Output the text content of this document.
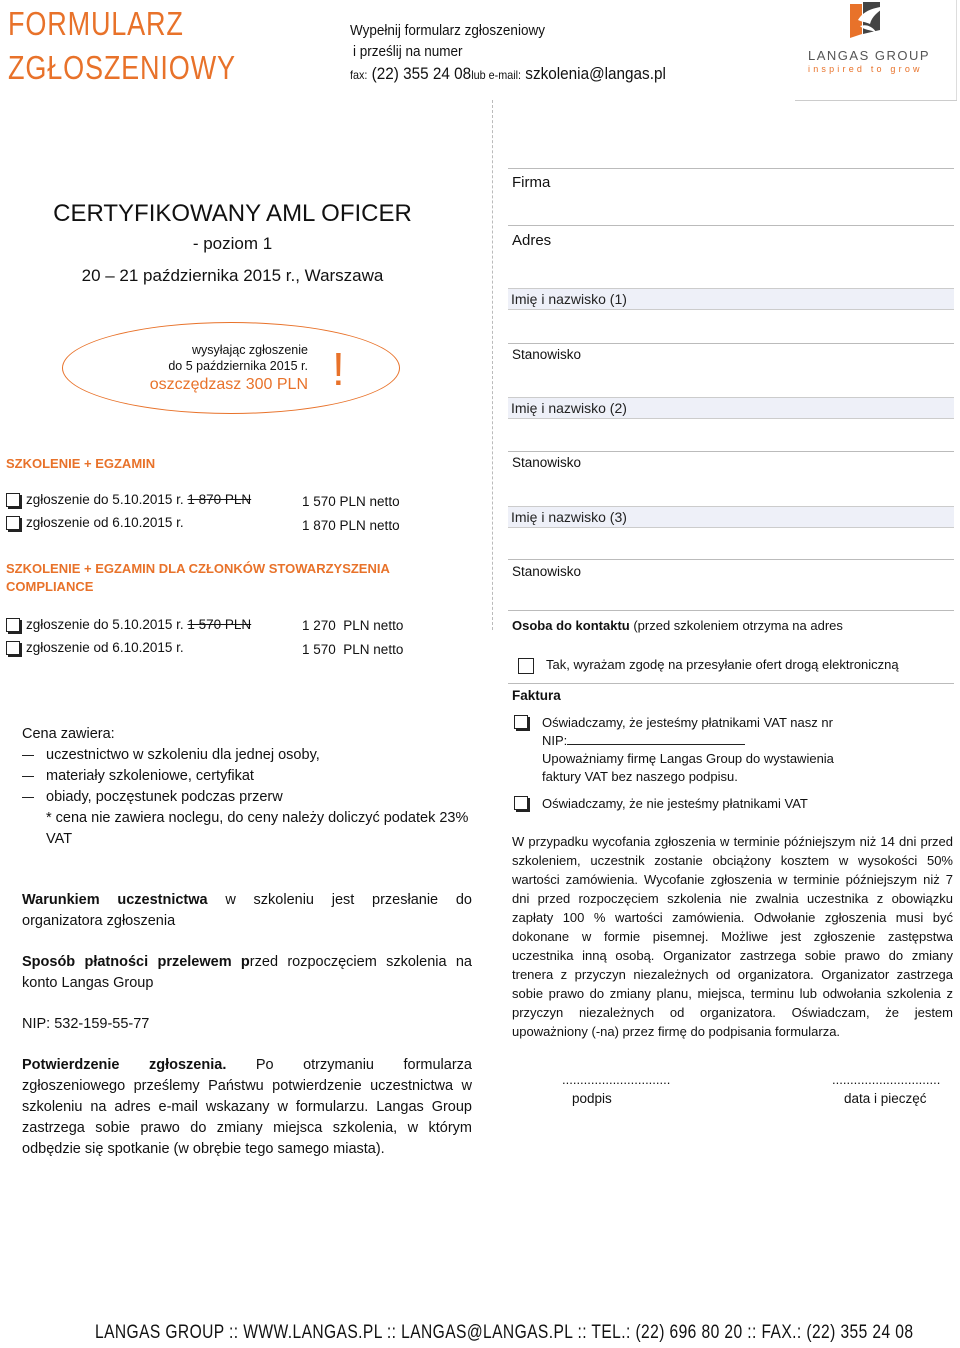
FORMULARZ
ZGŁOSZENIOWY
Wypełnij formularz zgłoszeniowy
i prześlij na numer
fax: (22) 355 24 08lub e-mail: szkolenia@langas.pl
LANGAS GROUP
inspired to grow
CERTYFIKOWANY AML OFICER
- poziom 1
20 – 21 października 2015 r., Warszawa
wysyłając zgłoszenie
do 5 października 2015 r.
oszczędzasz 300 PLN !
SZKOLENIE + EGZAMIN
zgłoszenie do 5.10.2015 r. 1 870 PLN	1 570 PLN netto
zgłoszenie od 6.10.2015 r.	1 870 PLN netto
SZKOLENIE + EGZAMIN DLA CZŁONKÓW STOWARZYSZENIA COMPLIANCE
zgłoszenie do 5.10.2015 r. 1 570 PLN	1 270  PLN netto
zgłoszenie od 6.10.2015 r.	1 570  PLN netto
Cena zawiera:
uczestnictwo w szkoleniu dla jednej osoby,
materiały szkoleniowe, certyfikat
obiady, poczęstunek podczas przerw
* cena nie zawiera noclegu, do ceny należy doliczyć podatek 23% VAT
Warunkiem uczestnictwa w szkoleniu jest przesłanie do organizatora zgłoszenia
Sposób płatności przelewem przed rozpoczęciem szkolenia na konto Langas Group
NIP: 532-159-55-77
Potwierdzenie zgłoszenia. Po otrzymaniu formularza zgłoszeniowego prześlemy Państwu potwierdzenie uczestnictwa w szkoleniu na adres e-mail wskazany w formularzu. Langas Group zastrzega sobie prawo do zmiany miejsca szkolenia, w którym odbędzie się spotkanie (w obrębie tego samego miasta).
Firma
Adres
Imię i nazwisko (1)
Stanowisko
Imię i nazwisko (2)
Stanowisko
Imię i nazwisko (3)
Stanowisko
Osoba do kontaktu (przed szkoleniem otrzyma na adres
Tak, wyrażam zgodę na przesyłanie ofert drogą elektroniczną
Faktura
Oświadczamy, że jesteśmy płatnikami VAT nasz nr
NIP:
Upoważniamy firmę Langas Group do wystawienia faktury VAT bez naszego podpisu.
Oświadczamy, że nie jesteśmy płatnikami VAT
W przypadku wycofania zgłoszenia w terminie późniejszym niż 14 dni przed szkoleniem, uczestnik zostanie obciążony kosztem w wysokości 50% wartości zamówienia. Wycofanie zgłoszenia w terminie późniejszym niż 7 dni przed rozpoczęciem szkolenia nie zwalnia uczestnika z obowiązku zapłaty 100 % wartości zamówienia. Odwołanie zgłoszenia musi być dokonane w formie pisemnej. Możliwe jest zgłoszenie zastępstwa uczestnika inną osobą. Organizator zastrzega sobie prawo do zmiany trenera z przyczyn niezależnych od organizatora. Organizator zastrzega sobie prawo do zmiany planu, miejsca, terminu lub odwołania szkolenia z przyczyn niezależnych od organizatora. Oświadczam, że jestem upoważniony (-na) przez firmę do podpisania formularza.
..............................	..............................
podpis	data i pieczęć
LANGAS GROUP :: WWW.LANGAS.PL :: LANGAS@LANGAS.PL :: TEL.: (22) 696 80 20 :: FAX.: (22) 355 24 08
